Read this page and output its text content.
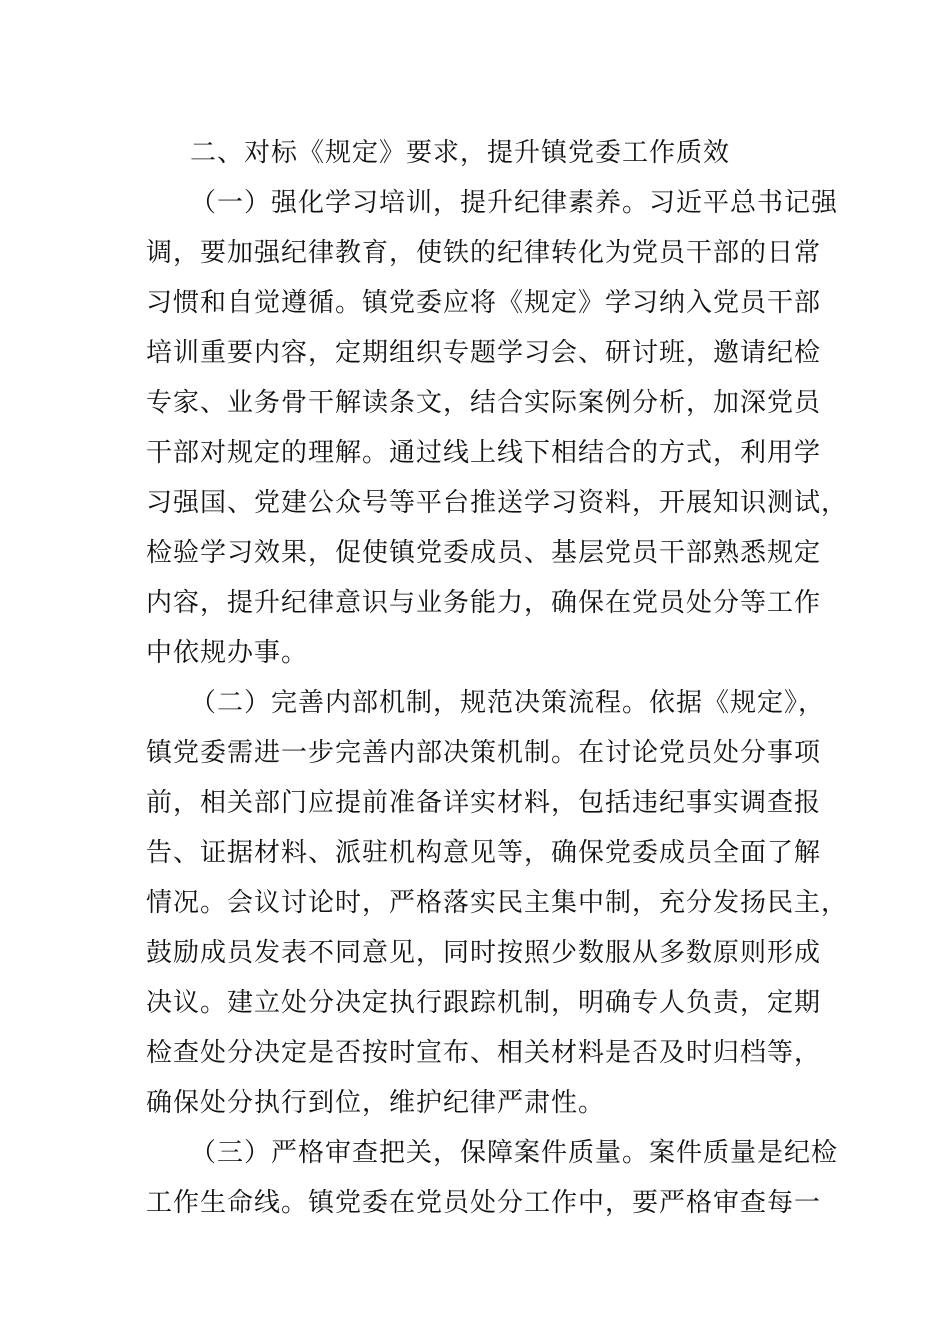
二、对标《规定》要求，提升镇党委工作质效
（一）强化学习培训，提升纪律素养。习近平总书记强
调，要加强纪律教育，使铁的纪律转化为党员干部的日常
习惯和自觉遵循。镇党委应将《规定》学习纳入党员干部
培训重要内容，定期组织专题学习会、研讨班，邀请纪检
专家、业务骨干解读条文，结合实际案例分析，加深党员
干部对规定的理解。通过线上线下相结合的方式，利用学
习强国、党建公众号等平台推送学习资料，开展知识测试，
检验学习效果，促使镇党委成员、基层党员干部熟悉规定
内容，提升纪律意识与业务能力，确保在党员处分等工作
中依规办事。
（二）完善内部机制，规范决策流程。依据《规定》，
镇党委需进一步完善内部决策机制。在讨论党员处分事项
前，相关部门应提前准备详实材料，包括违纪事实调查报
告、证据材料、派驻机构意见等，确保党委成员全面了解
情况。会议讨论时，严格落实民主集中制，充分发扬民主，
鼓励成员发表不同意见，同时按照少数服从多数原则形成
决议。建立处分决定执行跟踪机制，明确专人负责，定期
检查处分决定是否按时宣布、相关材料是否及时归档等，
确保处分执行到位，维护纪律严肃性。
（三）严格审查把关，保障案件质量。案件质量是纪检
工作生命线。镇党委在党员处分工作中，要严格审查每一
